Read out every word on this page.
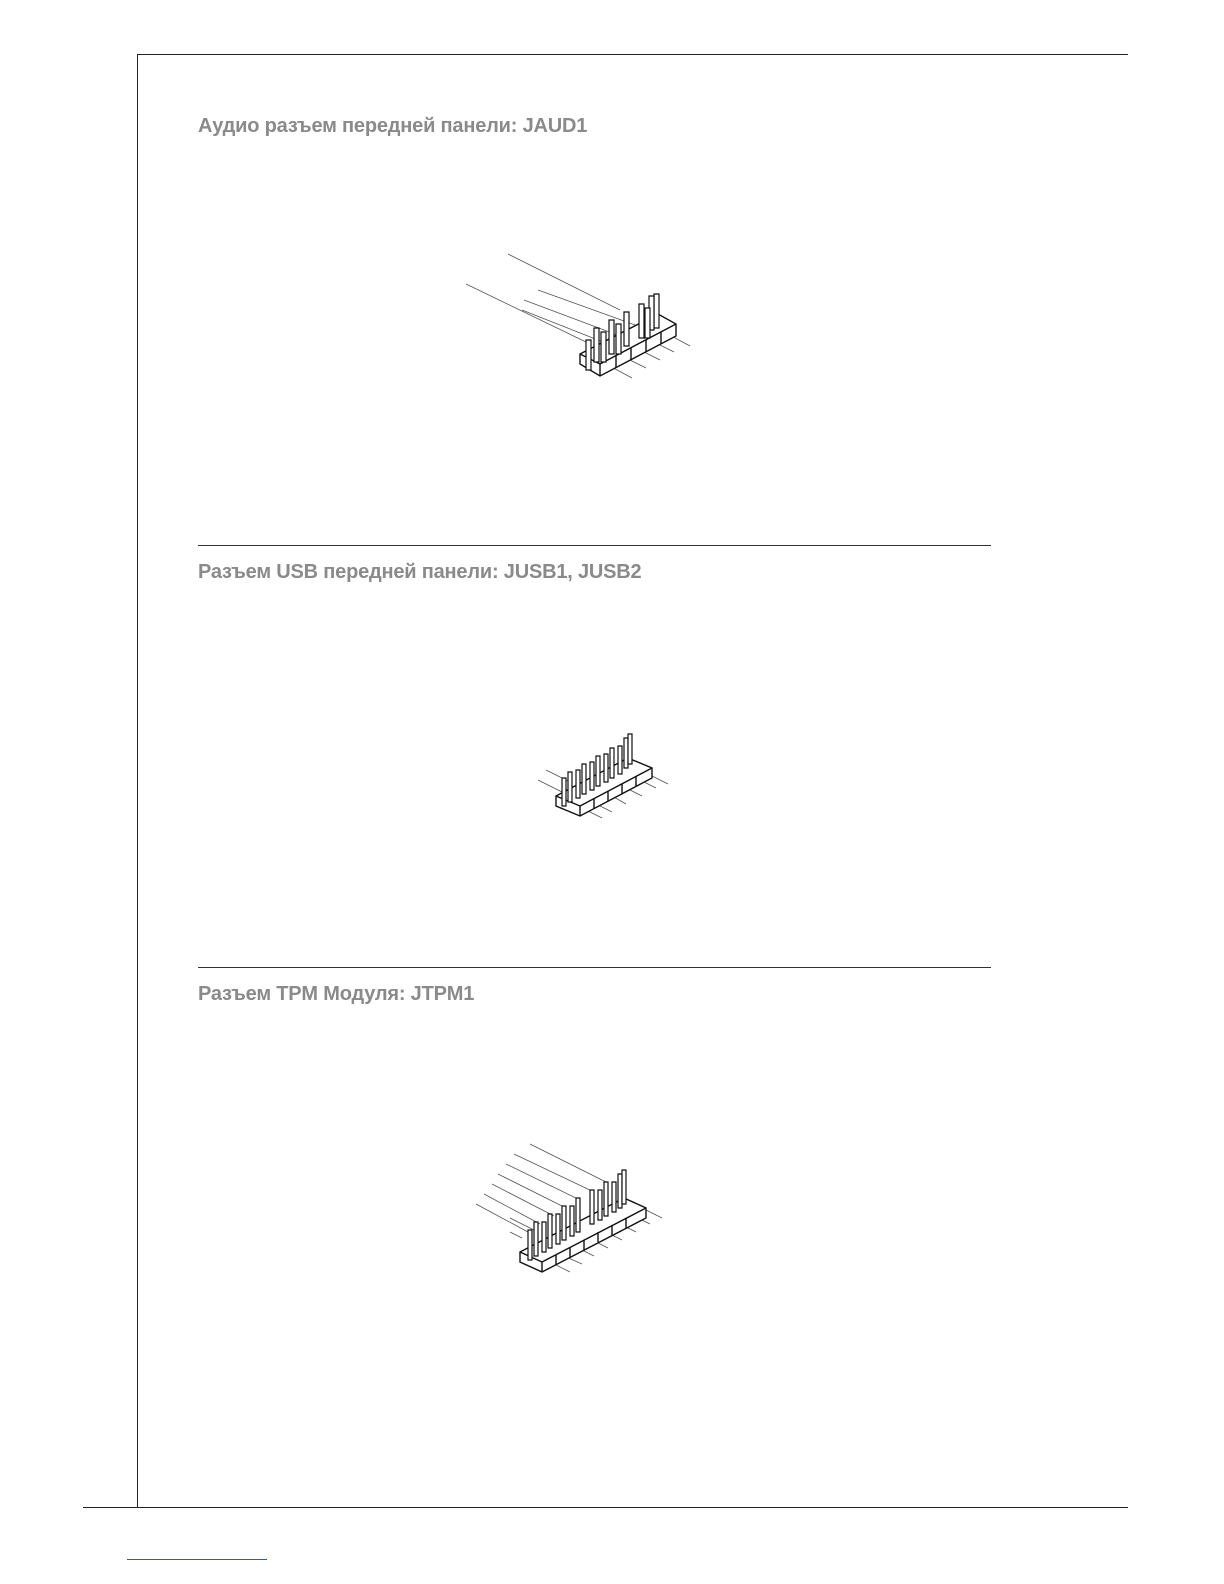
Аудио разъем передней панели: JAUD1
Разъем USB передней панели: JUSB1, JUSB2
Разъем TPM Модуля: JTPM1
